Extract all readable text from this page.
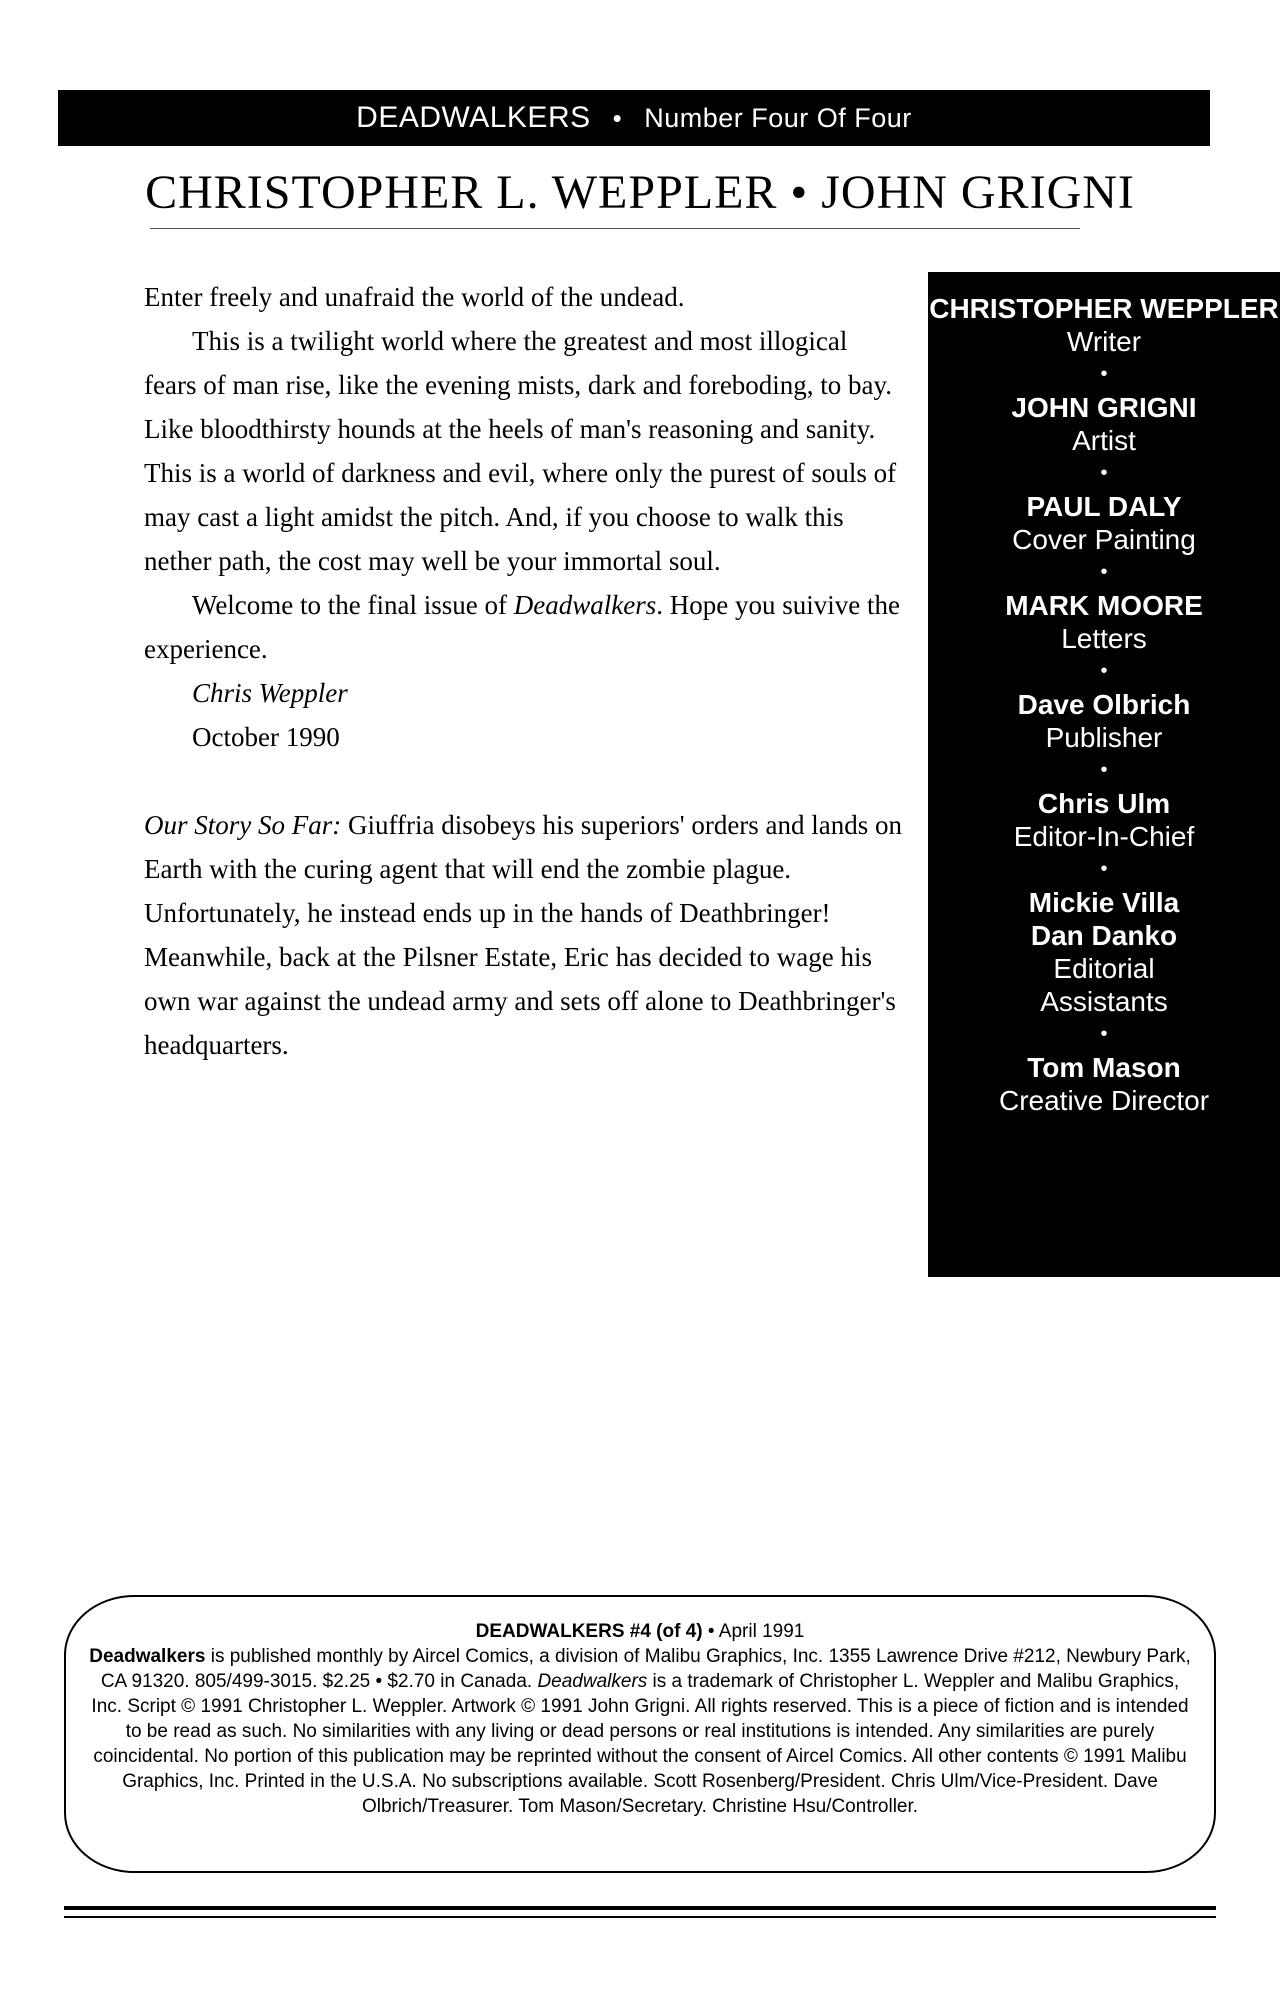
DEADWALKERS • Number Four Of Four
CHRISTOPHER L. WEPPLER • JOHN GRIGNI

Enter freely and unafraid the world of the undead.

This is a twilight world where the greatest and most illogical fears of man rise, like the evening mists, dark and foreboding, to bay. Like bloodthirsty hounds at the heels of man's reasoning and sanity. This is a world of darkness and evil, where only the purest of souls of may cast a light amidst the pitch. And, if you choose to walk this nether path, the cost may well be your immortal soul.

Welcome to the final issue of Deadwalkers. Hope you suivive the experience.

Chris Weppler

October 1990

Our Story So Far: Giuffria disobeys his superiors' orders and lands on Earth with the curing agent that will end the zombie plague. Unfortunately, he instead ends up in the hands of Deathbringer! Meanwhile, back at the Pilsner Estate, Eric has decided to wage his own war against the undead army and sets off alone to Deathbringer's headquarters.

CHRISTOPHER WEPPLER
Writer
•
JOHN GRIGNI
Artist
•
PAUL DALY
Cover Painting
•
MARK MOORE
Letters
•
Dave Olbrich
Publisher
•
Chris Ulm
Editor-In-Chief
•
Mickie Villa Dan Danko
Editorial Assistants
•
Tom Mason
Creative Director
DEADWALKERS #4 (of 4) • April 1991
Deadwalkers is published monthly by Aircel Comics, a division of Malibu Graphics, Inc. 1355 Lawrence Drive #212, Newbury Park, CA 91320. 805/499-3015. $2.25 • $2.70 in Canada. Deadwalkers is a trademark of Christopher L. Weppler and Malibu Graphics, Inc. Script © 1991 Christopher L. Weppler. Artwork © 1991 John Grigni. All rights reserved. This is a piece of fiction and is intended to be read as such. No similarities with any living or dead persons or real institutions is intended. Any similarities are purely coincidental. No portion of this publication may be reprinted without the consent of Aircel Comics. All other contents © 1991 Malibu Graphics, Inc. Printed in the U.S.A. No subscriptions available. Scott Rosenberg/President. Chris Ulm/Vice-President. Dave Olbrich/Treasurer. Tom Mason/Secretary. Christine Hsu/Controller.
